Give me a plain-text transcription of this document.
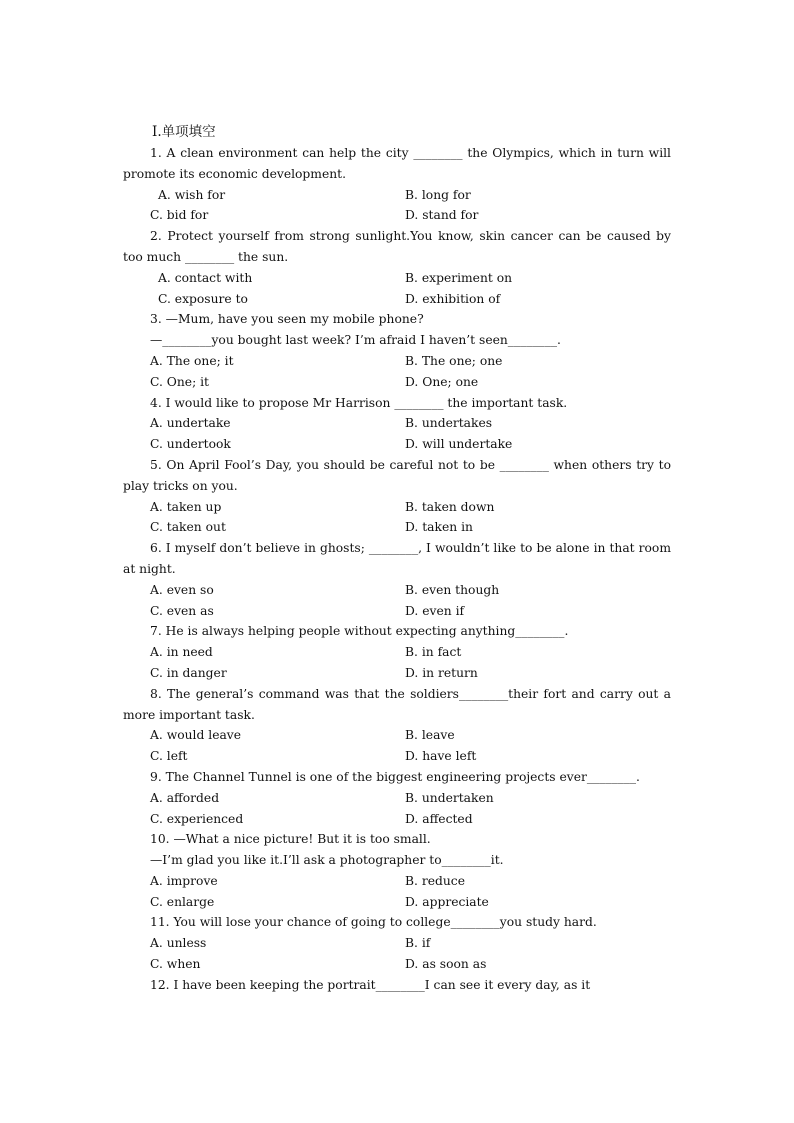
Ⅰ.单项填空

1. A clean environment can help the city ________ the Olympics, which in turn will promote its economic development.

A. wish for	B. long for
C. bid for	D. stand for

2. Protect yourself from strong sunlight.You know, skin cancer can be caused by too much ________ the sun.

A. contact with	B. experiment on
C. exposure to	D. exhibition of

3. —Mum, have you seen my mobile phone?

—________you bought last week? I’m afraid I haven’t seen________.

A. The one; it	B. The one; one
C. One; it	D. One; one

4. I would like to propose Mr Harrison ________ the important task.

A. undertake	B. undertakes
C. undertook	D. will undertake

5. On April Fool’s Day, you should be careful not to be ________ when others try to play tricks on you.

A. taken up	B. taken down
C. taken out	D. taken in

6. I myself don’t believe in ghosts; ________, I wouldn’t like to be alone in that room at night.

A. even so	B. even though
C. even as	D. even if

7. He is always helping people without expecting anything________.

A. in need	B. in fact
C. in danger	D. in return

8. The general’s command was that the soldiers________their fort and carry out a more important task.

A. would leave	B. leave
C. left	D. have left

9. The Channel Tunnel is one of the biggest engineering projects ever________.

A. afforded	B. undertaken
C. experienced	D. affected

10. —What a nice picture! But it is too small.

—I’m glad you like it.I’ll ask a photographer to________it.

A. improve	B. reduce
C. enlarge	D. appreciate

11. You will lose your chance of going to college________you study hard.

A. unless	B. if
C. when	D. as soon as

12. I have been keeping the portrait________I can see it every day, as it
